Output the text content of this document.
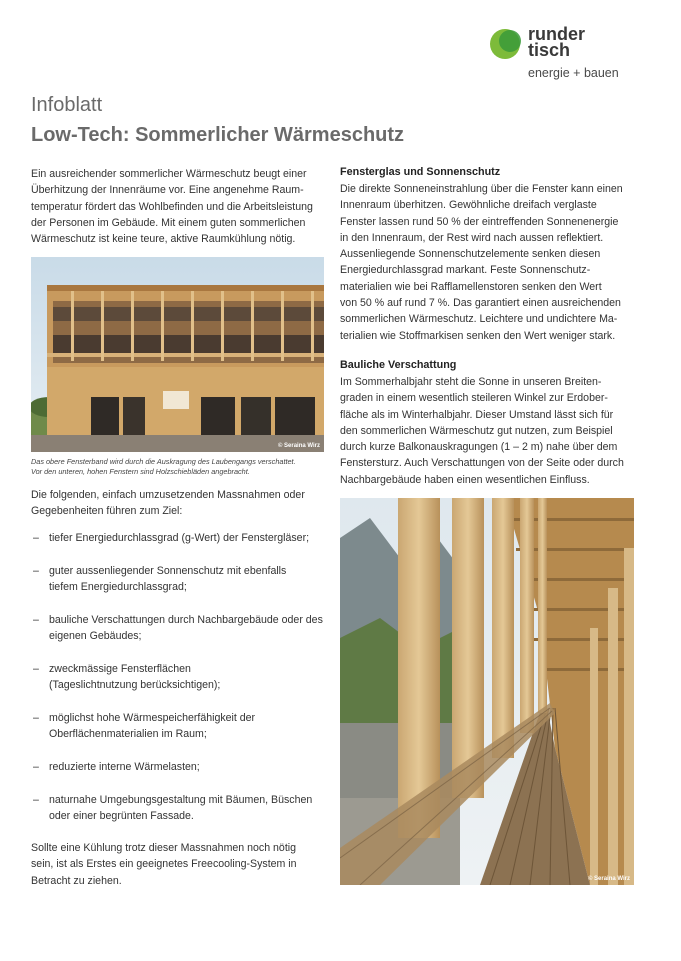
runder
tisch
energie + bauen
Infoblatt
Low-Tech: Sommerlicher Wärmeschutz
Ein ausreichender sommerlicher Wärmeschutz beugt einer
Überhitzung der Innenräume vor. Eine angenehme Raum-
temperatur fördert das Wohlbefinden und die Arbeitsleistung
der Personen im Gebäude. Mit einem guten sommerlichen
Wärmeschutz ist keine teure, aktive Raumkühlung nötig.
© Seraina Wirz
Das obere Fensterband wird durch die Auskragung des Laubengangs verschattet.
Vor den unteren, hohen Fenstern sind Holzschiebläden angebracht.
Die folgenden, einfach umzusetzenden Massnahmen oder
Gegebenheiten führen zum Ziel:
– tiefer Energiedurchlassgrad (g-Wert) der Fenstergläser;
– guter aussenliegender Sonnenschutz mit ebenfalls
tiefem Energiedurchlassgrad;
– bauliche Verschattungen durch Nachbargebäude oder des
eigenen Gebäudes;
– zweckmässige Fensterflächen
(Tageslichtnutzung berücksichtigen);
– möglichst hohe Wärmespeicherfähigkeit der
Oberflächenmaterialien im Raum;
– reduzierte interne Wärmelasten;
– naturnahe Umgebungsgestaltung mit Bäumen, Büschen
oder einer begrünten Fassade.
Sollte eine Kühlung trotz dieser Massnahmen noch nötig
sein, ist als Erstes ein geeignetes Freecooling-System in
Betracht zu ziehen.
Fensterglas und Sonnenschutz
Die direkte Sonneneinstrahlung über die Fenster kann einen
Innenraum überhitzen. Gewöhnliche dreifach verglaste
Fenster lassen rund 50 % der eintreffenden Sonnenenergie
in den Innenraum, der Rest wird nach aussen reflektiert.
Aussenliegende Sonnenschutzelemente senken diesen
Energiedurchlassgrad markant. Feste Sonnenschutz-
materialien wie bei Rafflamellenstoren senken den Wert
von 50 % auf rund 7 %. Das garantiert einen ausreichenden
sommerlichen Wärmeschutz. Leichtere und undichtere Ma-
terialien wie Stoffmarkisen senken den Wert weniger stark.
Bauliche Verschattung
Im Sommerhalbjahr steht die Sonne in unseren Breiten-
graden in einem wesentlich steileren Winkel zur Erdober-
fläche als im Winterhalbjahr. Dieser Umstand lässt sich für
den sommerlichen Wärmeschutz gut nutzen, zum Beispiel
durch kurze Balkonauskragungen (1 – 2 m) nahe über dem
Fenstersturz. Auch Verschattungen von der Seite oder durch
Nachbargebäude haben einen wesentlichen Einfluss.
© Seraina Wirz
